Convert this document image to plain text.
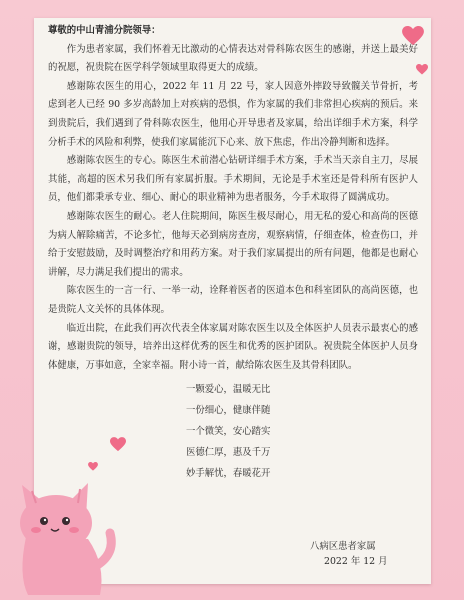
尊敬的中山青浦分院领导：

作为患者家属，我们怀着无比激动的心情表达对骨科陈农医生的感谢，并送上最美好的祝愿，祝贵院在医学科学领域里取得更大的成绩。

感谢陈农医生的用心，2022 年 11 月 22 号，家人因意外摔跤导致髋关节骨折，考虑到老人已经 90 多岁高龄加上对疾病的恐惧，作为家属的我们非常担心疾病的预后。来到贵院后，我们遇到了骨科陈农医生，他用心开导患者及家属，给出详细手术方案，科学分析手术的风险和利弊，使我们家属能沉下心来、放下焦虑，作出冷静判断和选择。

感谢陈农医生的专心。陈医生术前潜心钻研详细手术方案，手术当天亲自主刀，尽展其能，高超的医术另我们所有家属折服。手术期间，无论是手术室还是骨科所有医护人员，他们都秉承专业、细心、耐心的职业精神为患者服务，今手术取得了圆满成功。

感谢陈农医生的耐心。老人住院期间，陈医生极尽耐心，用无私的爱心和高尚的医德为病人解除痛苦，不论多忙，他每天必到病房查房，观察病情，仔细查体，检查伤口，并给于安慰鼓励，及时调整治疗和用药方案。对于我们家属提出的所有问题，他都是也耐心讲解，尽力满足我们提出的需求。

陈农医生的一言一行、一举一动，诠释着医者的医道本色和科室团队的高尚医德，也是贵院人文关怀的具体体现。

临近出院，在此我们再次代表全体家属对陈农医生以及全体医护人员表示最衷心的感谢，感谢贵院的领导，培养出这样优秀的医生和优秀的医护团队。祝贵院全体医护人员身体健康，万事如意，全家幸福。附小诗一首，献给陈农医生及其骨科团队。

一颗爱心，温暖无比

一份细心，健康伴随

一个微笑，安心踏实

医德仁厚，惠及千万

妙手解忧，春暖花开

八病区患者家属
2022 年 12 月
